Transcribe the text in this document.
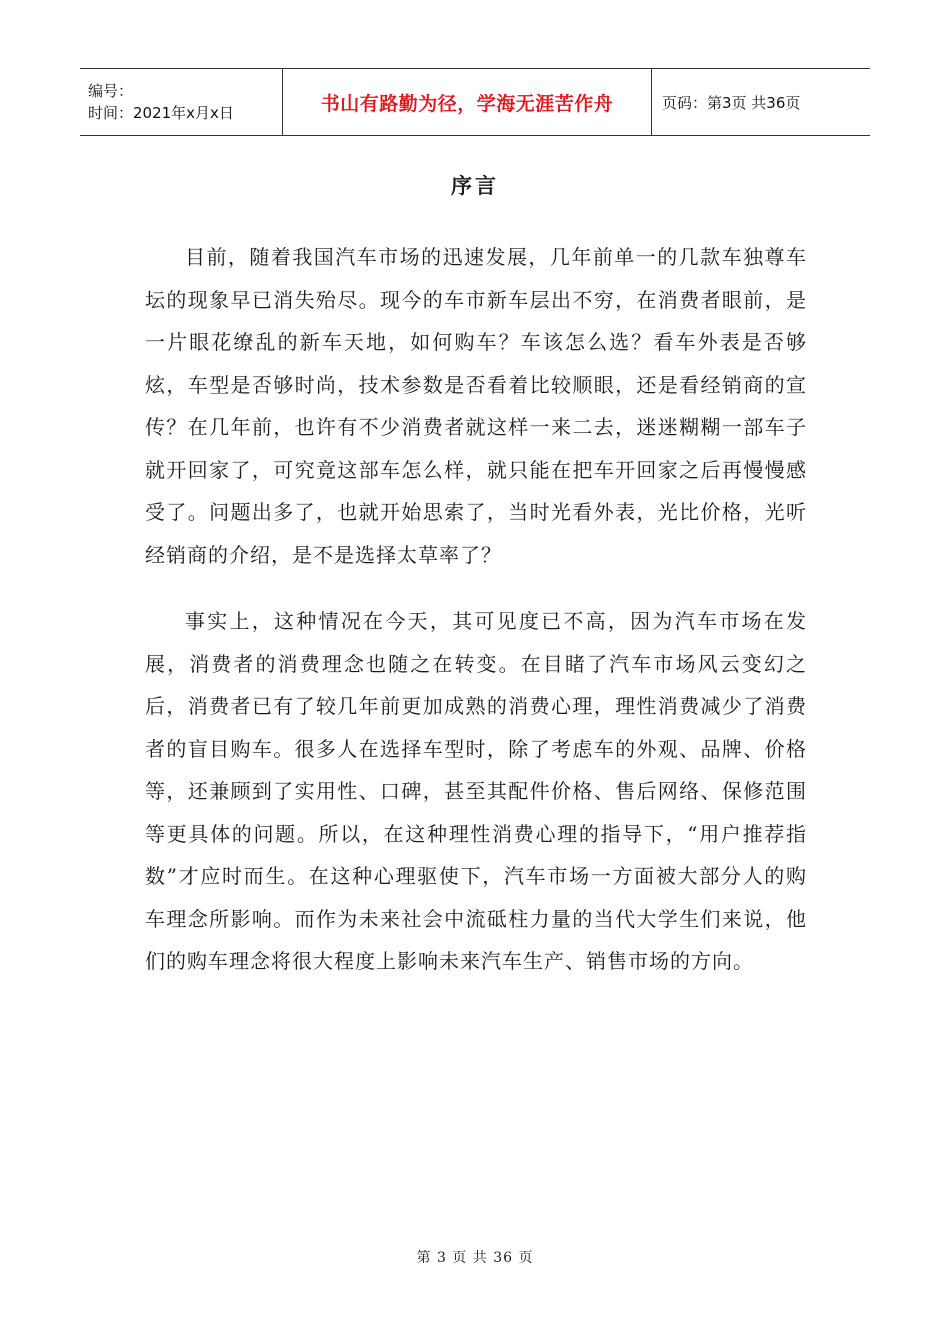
编号：
时间：2021年x月x日	书山有路勤为径，学海无涯苦作舟	页码：第3页 共36页
序言

目前，随着我国汽车市场的迅速发展，几年前单一的几款车独尊车坛的现象早已消失殆尽。现今的车市新车层出不穷，在消费者眼前，是一片眼花缭乱的新车天地，如何购车？车该怎么选？看车外表是否够炫，车型是否够时尚，技术参数是否看着比较顺眼，还是看经销商的宣传？在几年前，也许有不少消费者就这样一来二去，迷迷糊糊一部车子就开回家了，可究竟这部车怎么样，就只能在把车开回家之后再慢慢感受了。问题出多了，也就开始思索了，当时光看外表，光比价格，光听经销商的介绍，是不是选择太草率了？

事实上，这种情况在今天，其可见度已不高，因为汽车市场在发展，消费者的消费理念也随之在转变。在目睹了汽车市场风云变幻之后，消费者已有了较几年前更加成熟的消费心理，理性消费减少了消费者的盲目购车。很多人在选择车型时，除了考虑车的外观、品牌、价格等，还兼顾到了实用性、口碑，甚至其配件价格、售后网络、保修范围等更具体的问题。所以，在这种理性消费心理的指导下，“用户推荐指数”才应时而生。在这种心理驱使下，汽车市场一方面被大部分人的购车理念所影响。而作为未来社会中流砥柱力量的当代大学生们来说，他们的购车理念将很大程度上影响未来汽车生产、销售市场的方向。

第 3 页 共 36 页
